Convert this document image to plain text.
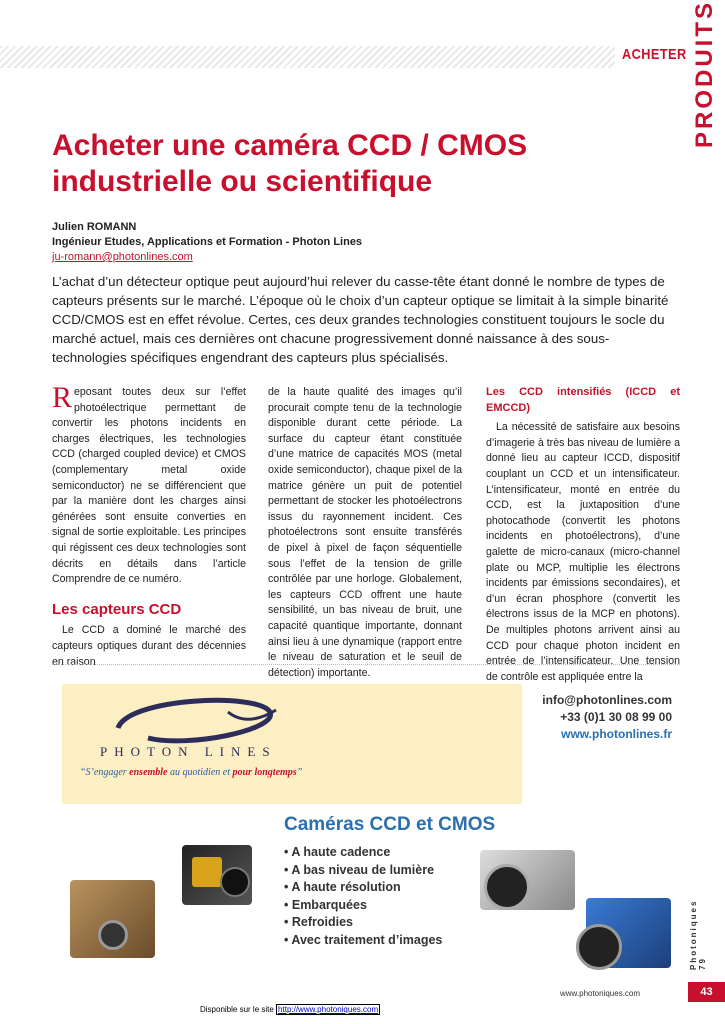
ACHETER PRODUITS
Acheter une caméra CCD / CMOS industrielle ou scientifique
Julien ROMANN
Ingénieur Etudes, Applications et Formation - Photon Lines
ju-romann@photonlines.com
L’achat d’un détecteur optique peut aujourd’hui relever du casse-tête étant donné le nombre de types de capteurs présents sur le marché. L’époque où le choix d’un capteur optique se limitait à la simple binarité CCD/CMOS est en effet révolue. Certes, ces deux grandes technologies constituent toujours le socle du marché actuel, mais ces dernières ont chacune progressivement donné naissance à des sous-technologies spécifiques engendrant des capteurs plus spécialisés.

Reposant toutes deux sur l’effet photoélectrique permettant de convertir les photons incidents en charges électriques, les technologies CCD (charged coupled device) et CMOS (complementary metal oxide semiconductor) ne se différencient que par la manière dont les charges ainsi générées sont ensuite converties en signal de sortie exploitable. Les principes qui régissent ces deux technologies sont décrits en détails dans l’article Comprendre de ce numéro.

Les capteurs CCD

Le CCD a dominé le marché des capteurs optiques durant des décennies en raison

de la haute qualité des images qu’il procurait compte tenu de la technologie disponible durant cette période. La surface du capteur étant constituée d’une matrice de capacités MOS (metal oxide semiconductor), chaque pixel de la matrice génère un puit de potentiel permettant de stocker les photoélectrons issus du rayonnement incident. Ces photoélectrons sont ensuite transférés de pixel à pixel de façon séquentielle sous l’effet de la tension de grille contrôlée par une horloge. Globalement, les capteurs CCD offrent une haute sensibilité, un bas niveau de bruit, une capacité quantique importante, donnant ainsi lieu à une dynamique (rapport entre le niveau de saturation et le seuil de détection) importante.

Les CCD intensifiés (ICCD et EMCCD)

La nécessité de satisfaire aux besoins d’imagerie à très bas niveau de lumière a donné lieu au capteur ICCD, dispositif couplant un CCD et un intensificateur. L’intensificateur, monté en entrée du CCD, est la juxtaposition d’une photocathode (convertit les photons incidents en photoélectrons), d’une galette de micro-canaux (micro-channel plate ou MCP, multiplie les électrons incidents par émissions secondaires), et d’un écran phosphore (convertit les électrons issus de la MCP en photons). De multiples photons arrivent ainsi au CCD pour chaque photon incident en entrée de l’intensificateur. Une tension de contrôle est appliquée entre la

PHOTON LINES
“S’engager ensemble au quotidien et pour longtemps”
info@photonlines.com
+33 (0)1 30 08 99 00
www.photonlines.fr
Caméras CCD et CMOS
• A haute cadence
• A bas niveau de lumière
• A haute résolution
• Embarquées
• Refroidies
• Avec traitement d’images	Photoniques 79
www.photoniques.com	43
Disponible sur le site http://www.photoniques.com
